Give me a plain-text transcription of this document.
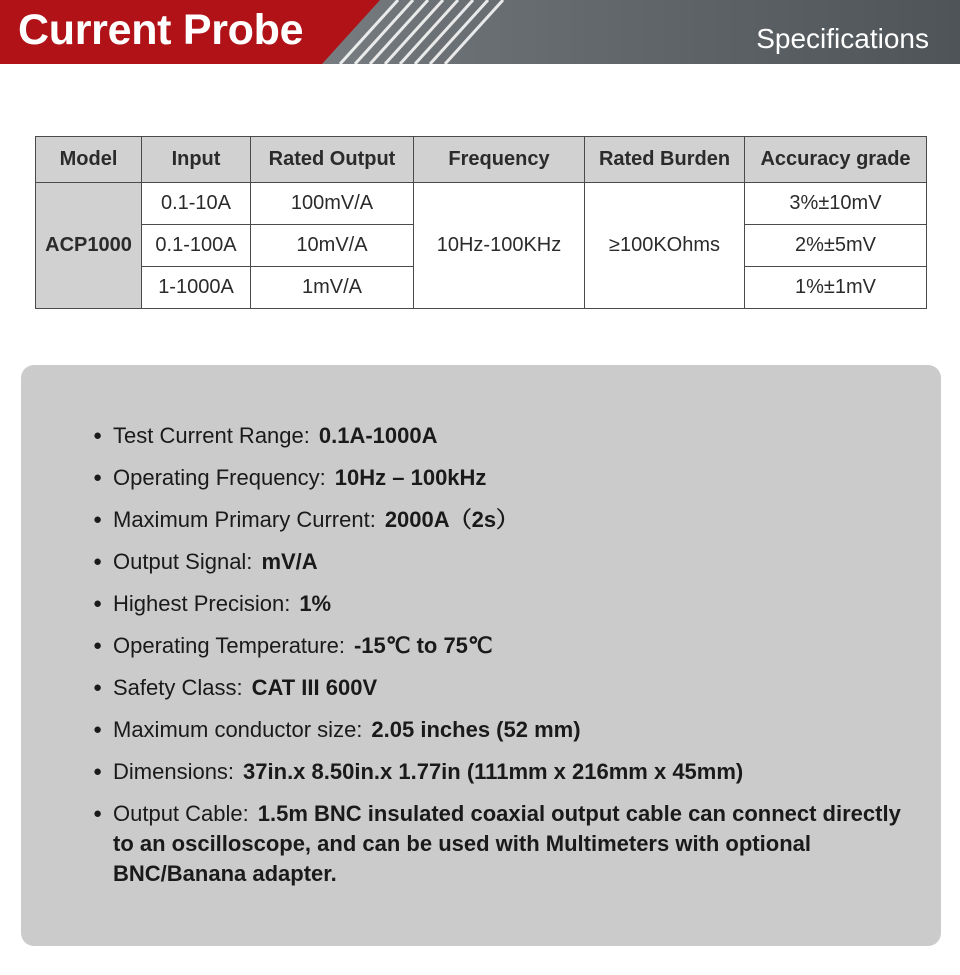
Current Probe	Specifications
Model	Input	Rated Output	Frequency	Rated Burden	Accuracy grade
ACP1000	0.1-10A	100mV/A	10Hz-100KHz	≥100KOhms	3%±10mV
	0.1-100A	10mV/A			2%±5mV
	1-1000A	1mV/A			1%±1mV
● Test Current Range: 0.1A-1000A
● Operating Frequency: 10Hz – 100kHz
● Maximum Primary Current: 2000A（2s）
● Output Signal: mV/A
● Highest Precision: 1%
● Operating Temperature: -15℃ to 75℃
● Safety Class: CAT III 600V
● Maximum conductor size: 2.05 inches (52 mm)
● Dimensions: 37in.x 8.50in.x 1.77in (111mm x 216mm x 45mm)
● Output Cable: 1.5m BNC insulated coaxial output cable can connect directly to an oscilloscope, and can be used with Multimeters with optional BNC/Banana adapter.
